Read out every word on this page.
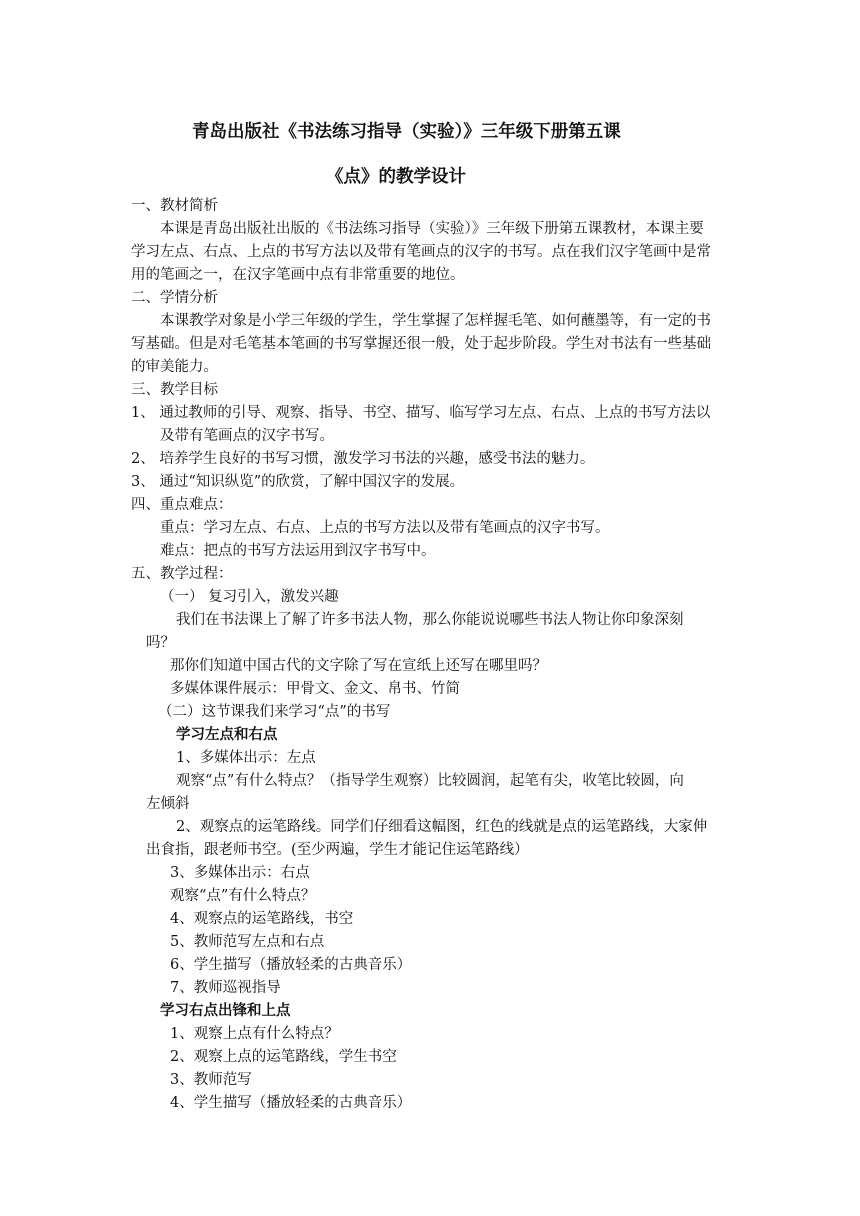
青岛出版社《书法练习指导（实验）》三年级下册第五课
《点》的教学设计
一、教材简析
本课是青岛出版社出版的《书法练习指导（实验）》三年级下册第五课教材，本课主要
学习左点、右点、上点的书写方法以及带有笔画点的汉字的书写。点在我们汉字笔画中是常
用的笔画之一，在汉字笔画中点有非常重要的地位。
二、学情分析
本课教学对象是小学三年级的学生，学生掌握了怎样握毛笔、如何蘸墨等，有一定的书
写基础。但是对毛笔基本笔画的书写掌握还很一般，处于起步阶段。学生对书法有一些基础
的审美能力。
三、教学目标
1、 通过教师的引导、观察、指导、书空、描写、临写学习左点、右点、上点的书写方法以
及带有笔画点的汉字书写。
2、 培养学生良好的书写习惯，激发学习书法的兴趣，感受书法的魅力。
3、 通过“知识纵览”的欣赏，了解中国汉字的发展。
四、重点难点：
重点：学习左点、右点、上点的书写方法以及带有笔画点的汉字书写。
难点：把点的书写方法运用到汉字书写中。
五、教学过程：
（一） 复习引入，激发兴趣
我们在书法课上了解了许多书法人物，那么你能说说哪些书法人物让你印象深刻
吗？
那你们知道中国古代的文字除了写在宣纸上还写在哪里吗？
多媒体课件展示：甲骨文、金文、帛书、竹简
（二）这节课我们来学习“点”的书写
学习左点和右点
1、多媒体出示：左点
观察“点”有什么特点？（指导学生观察）比较圆润，起笔有尖，收笔比较圆，向
左倾斜
2、观察点的运笔路线。同学们仔细看这幅图，红色的线就是点的运笔路线，大家伸
出食指，跟老师书空。(至少两遍，学生才能记住运笔路线）
3、多媒体出示：右点
观察“点”有什么特点？
4、观察点的运笔路线，书空
5、教师范写左点和右点
6、学生描写（播放轻柔的古典音乐）
7、教师巡视指导
学习右点出锋和上点
1、观察上点有什么特点？
2、观察上点的运笔路线，学生书空
3、教师范写
4、学生描写（播放轻柔的古典音乐）
